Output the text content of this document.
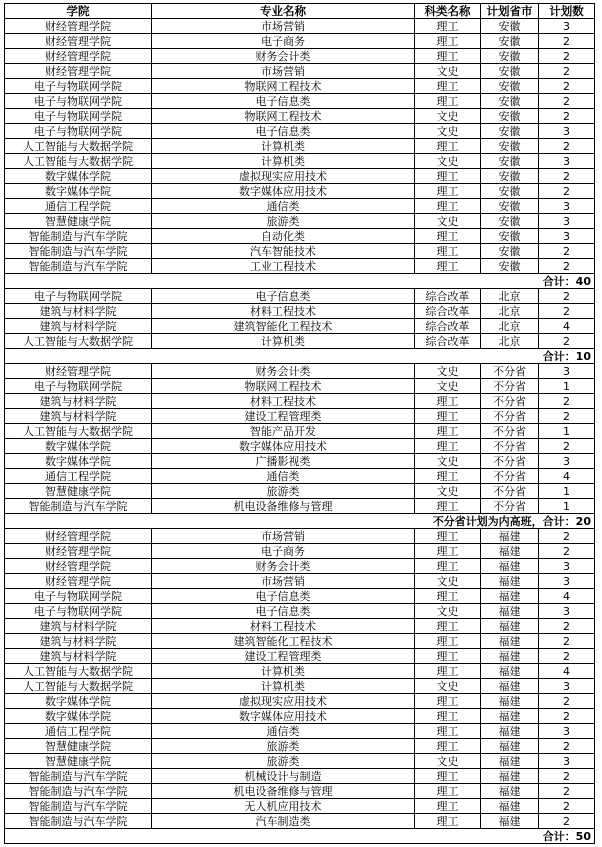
学院	专业名称	科类名称	计划省市	计划数
财经管理学院	市场营销	理工	安徽	3
财经管理学院	电子商务	理工	安徽	2
财经管理学院	财务会计类	理工	安徽	2
财经管理学院	市场营销	文史	安徽	2
电子与物联网学院	物联网工程技术	理工	安徽	2
电子与物联网学院	电子信息类	理工	安徽	2
电子与物联网学院	物联网工程技术	文史	安徽	2
电子与物联网学院	电子信息类	文史	安徽	3
人工智能与大数据学院	计算机类	理工	安徽	2
人工智能与大数据学院	计算机类	文史	安徽	3
数字媒体学院	虚拟现实应用技术	理工	安徽	2
数字媒体学院	数字媒体应用技术	理工	安徽	2
通信工程学院	通信类	理工	安徽	3
智慧健康学院	旅游类	文史	安徽	3
智能制造与汽车学院	自动化类	理工	安徽	3
智能制造与汽车学院	汽车智能技术	理工	安徽	2
智能制造与汽车学院	工业工程技术	理工	安徽	2
合计：40				
电子与物联网学院	电子信息类	综合改革	北京	2
建筑与材料学院	材料工程技术	综合改革	北京	2
建筑与材料学院	建筑智能化工程技术	综合改革	北京	4
人工智能与大数据学院	计算机类	综合改革	北京	2
合计：10				
财经管理学院	财务会计类	文史	不分省	3
电子与物联网学院	物联网工程技术	文史	不分省	1
建筑与材料学院	材料工程技术	理工	不分省	2
建筑与材料学院	建设工程管理类	理工	不分省	2
人工智能与大数据学院	智能产品开发	理工	不分省	1
数字媒体学院	数字媒体应用技术	理工	不分省	2
数字媒体学院	广播影视类	文史	不分省	3
通信工程学院	通信类	理工	不分省	4
智慧健康学院	旅游类	文史	不分省	1
智能制造与汽车学院	机电设备维修与管理	理工	不分省	1
不分省计划为内高班，合计：20				
财经管理学院	市场营销	理工	福建	2
财经管理学院	电子商务	理工	福建	2
财经管理学院	财务会计类	理工	福建	3
财经管理学院	市场营销	文史	福建	3
电子与物联网学院	电子信息类	理工	福建	4
电子与物联网学院	电子信息类	文史	福建	3
建筑与材料学院	材料工程技术	理工	福建	2
建筑与材料学院	建筑智能化工程技术	理工	福建	2
建筑与材料学院	建设工程管理类	理工	福建	2
人工智能与大数据学院	计算机类	理工	福建	4
人工智能与大数据学院	计算机类	文史	福建	3
数字媒体学院	虚拟现实应用技术	理工	福建	2
数字媒体学院	数字媒体应用技术	理工	福建	2
通信工程学院	通信类	理工	福建	3
智慧健康学院	旅游类	理工	福建	2
智慧健康学院	旅游类	文史	福建	3
智能制造与汽车学院	机械设计与制造	理工	福建	2
智能制造与汽车学院	机电设备维修与管理	理工	福建	2
智能制造与汽车学院	无人机应用技术	理工	福建	2
智能制造与汽车学院	汽车制造类	理工	福建	2
合计：50				
